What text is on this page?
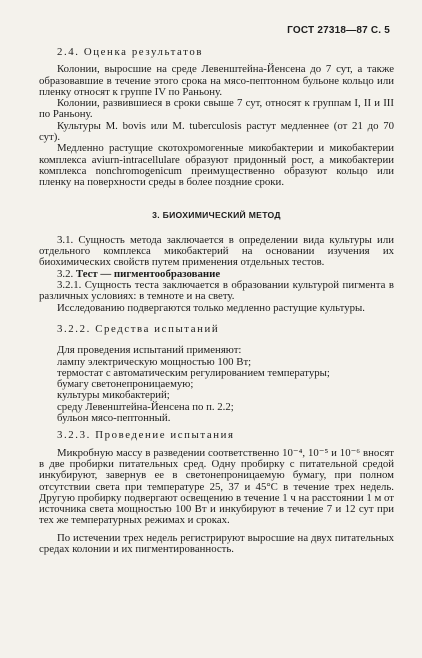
ГОСТ 27318—87 С. 5

2.4. Оценка результатов

Колонии, выросшие на среде Левенштейна-Йенсена до 7 сут, а также образовавшие в течение этого срока на мясо-пептонном бульоне кольцо или пленку относят к группе IV по Раньону.

Колонии, развившиеся в сроки свыше 7 сут, относят к группам I, II и III по Раньону.

Культуры M. bovis или M. tuberculosis растут медленнее (от 21 до 70 сут).

Медленно растущие скотохромогенные микобактерии и микобактерии комплекса aviurn-intracellulare образуют придонный рост, а микобактерии комплекса nonchromogenicum преимущественно образуют кольцо или пленку на поверхности среды в более поздние сроки.

3. БИОХИМИЧЕСКИЙ МЕТОД

3.1. Сущность метода заключается в определении вида культуры или отдельного комплекса микобактерий на основании изучения их биохимических свойств путем применения отдельных тестов.

3.2. Тест — пигментообразование

3.2.1. Сущность теста заключается в образовании культурой пигмента в различных условиях: в темноте и на свету.

Исследованию подвергаются только медленно растущие культуры.

3.2.2. Средства испытаний

Для проведения испытаний применяют:

лампу электрическую мощностью 100 Вт;

термостат с автоматическим регулированием температуры;

бумагу светонепроницаемую;

культуры микобактерий;

среду Левенштейна-Йенсена по п. 2.2;

бульон мясо-пептонный.

3.2.3. Проведение испытания

Микробную массу в разведении соответственно 10⁻⁴, 10⁻⁵ и 10⁻⁶ вносят в две пробирки питательных сред. Одну пробирку с питательной средой инкубируют, завернув ее в светонепроницаемую бумагу, при полном отсутствии света при температуре 25, 37 и 45°С в течение трех недель. Другую пробирку подвергают освещению в течение 1 ч на расстоянии 1 м от источника света мощностью 100 Вт и инкубируют в течение 7 и 12 сут при тех же температурных режимах и сроках.

По истечении трех недель регистрируют выросшие на двух питательных средах колонии и их пигментированность.
